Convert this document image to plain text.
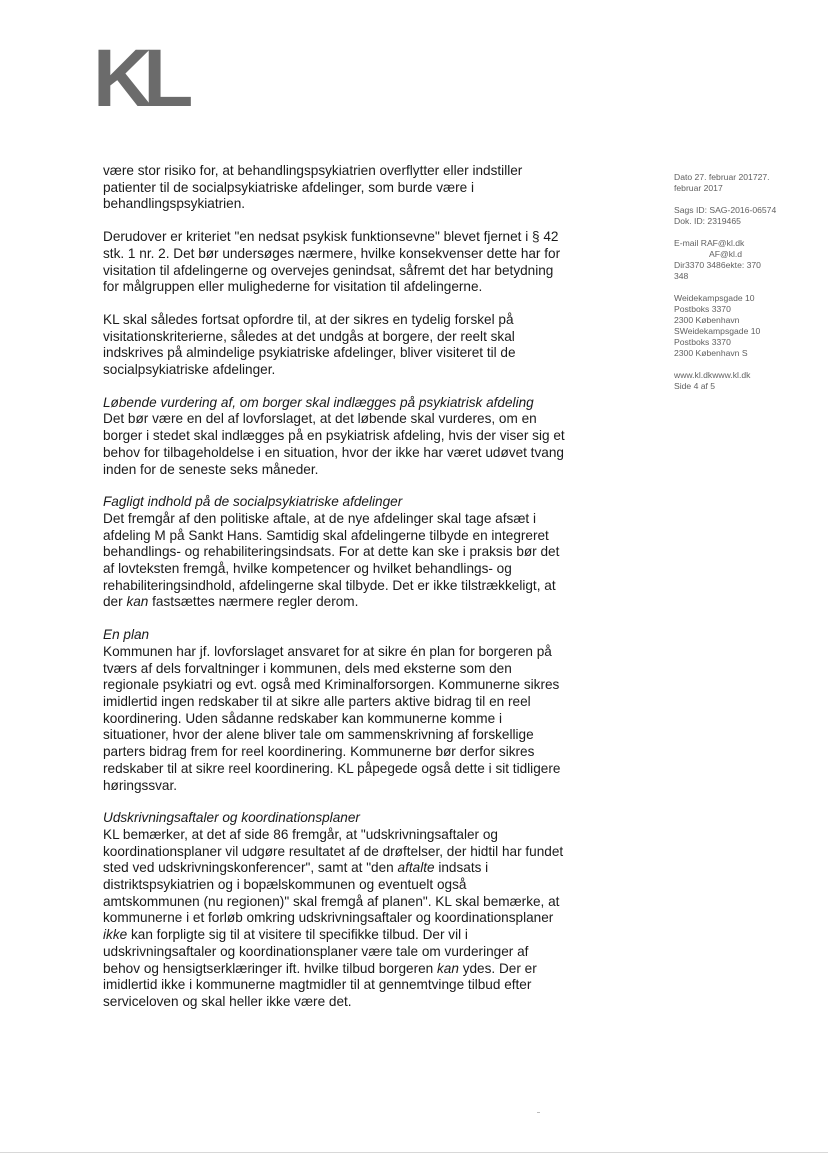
KL

være stor risiko for, at behandlingspsykiatrien overflytter eller indstiller patienter til de socialpsykiatriske afdelinger, som burde være i behandlingspsykiatrien.

Derudover er kriteriet "en nedsat psykisk funktionsevne" blevet fjernet i § 42 stk. 1 nr. 2. Det bør undersøges nærmere, hvilke konsekvenser dette har for visitation til afdelingerne og overvejes genindsat, såfremt det har betydning for målgruppen eller mulighederne for visitation til afdelingerne.

KL skal således fortsat opfordre til, at der sikres en tydelig forskel på visitationskriterierne, således at det undgås at borgere, der reelt skal indskrives på almindelige psykiatriske afdelinger, bliver visiteret til de socialpsykiatriske afdelinger.

Løbende vurdering af, om borger skal indlægges på psykiatrisk afdeling

Det bør være en del af lovforslaget, at det løbende skal vurderes, om en borger i stedet skal indlægges på en psykiatrisk afdeling, hvis der viser sig et behov for tilbageholdelse i en situation, hvor der ikke har været udøvet tvang inden for de seneste seks måneder.

Fagligt indhold på de socialpsykiatriske afdelinger

Det fremgår af den politiske aftale, at de nye afdelinger skal tage afsæt i afdeling M på Sankt Hans. Samtidig skal afdelingerne tilbyde en integreret behandlings- og rehabiliteringsindsats. For at dette kan ske i praksis bør det af lovteksten fremgå, hvilke kompetencer og hvilket behandlings- og rehabiliteringsindhold, afdelingerne skal tilbyde. Det er ikke tilstrækkeligt, at der kan fastsættes nærmere regler derom.

En plan

Kommunen har jf. lovforslaget ansvaret for at sikre én plan for borgeren på tværs af dels forvaltninger i kommunen, dels med eksterne som den regionale psykiatri og evt. også med Kriminalforsorgen. Kommunerne sikres imidlertid ingen redskaber til at sikre alle parters aktive bidrag til en reel koordinering. Uden sådanne redskaber kan kommunerne komme i situationer, hvor der alene bliver tale om sammenskrivning af forskellige parters bidrag frem for reel koordinering. Kommunerne bør derfor sikres redskaber til at sikre reel koordinering. KL påpegede også dette i sit tidligere høringssvar.

Udskrivningsaftaler og koordinationsplaner

KL bemærker, at det af side 86 fremgår, at "udskrivningsaftaler og koordinationsplaner vil udgøre resultatet af de drøftelser, der hidtil har fundet sted ved udskrivningskonferencer", samt at "den aftalte indsats i distriktspsykiatrien og i bopælskommunen og eventuelt også amtskommunen (nu regionen)" skal fremgå af planen". KL skal bemærke, at kommunerne i et forløb omkring udskrivningsaftaler og koordinationsplaner ikke kan forpligte sig til at visitere til specifikke tilbud. Der vil i udskrivningsaftaler og koordinationsplaner være tale om vurderinger af behov og hensigtserklæringer ift. hvilke tilbud borgeren kan ydes. Der er imidlertid ikke i kommunerne magtmidler til at gennemtvinge tilbud efter serviceloven og skal heller ikke være det.

Dato 27. februar 201727.
februar 2017
Sags ID: SAG-2016-06574
Dok. ID: 2319465
E-mail RAF@kl.dk
AF@kl.d
Dir3370 3486ekte: 370
348
Weidekampsgade 10
Postboks 3370
2300 København
SWeidekampsgade 10
Postboks 3370
2300 København S
www.kl.dkwww.kl.dk
Side 4 af 5
